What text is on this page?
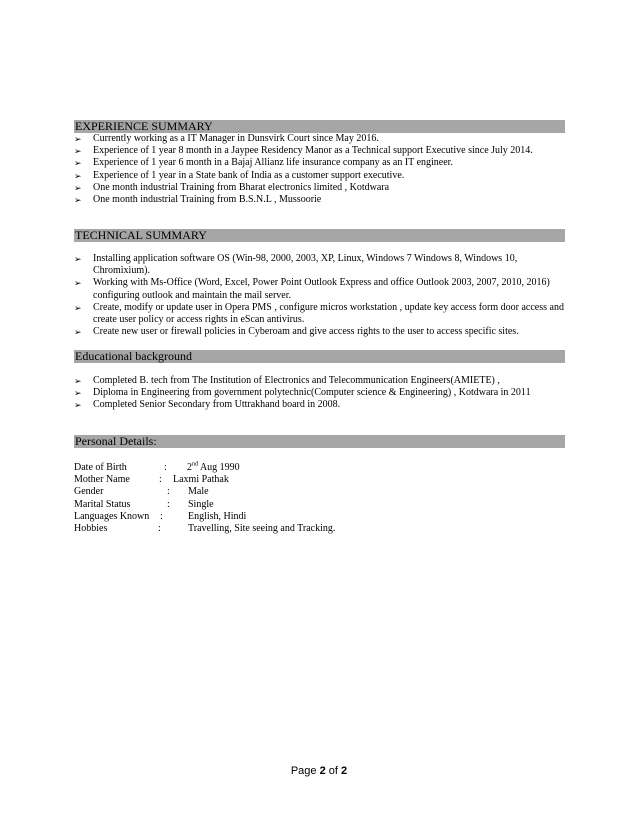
EXPERIENCE SUMMARY
➢ Currently working as a IT Manager in Dunsvirk Court since May 2016.
➢ Experience of 1 year 8 month in a Jaypee Residency Manor as a Technical support Executive since July 2014.
➢ Experience of 1 year 6 month in a Bajaj Allianz life insurance company as an IT engineer.
➢ Experience of 1 year in a State bank of India as a customer support executive.
➢ One month industrial Training from Bharat electronics limited , Kotdwara
➢ One month industrial Training from B.S.N.L , Mussoorie
TECHNICAL SUMMARY
➢ Installing application software OS (Win-98, 2000, 2003, XP, Linux, Windows 7 Windows 8, Windows 10, Chromixium).
➢ Working with Ms-Office (Word, Excel, Power Point Outlook Express and office Outlook 2003, 2007, 2010, 2016) configuring outlook and maintain the mail server.
➢ Create, modify or update user in Opera PMS , configure micros workstation , update key access form door access and create user policy or access rights in eScan antivirus.
➢ Create new user or firewall policies in Cyberoam and give access rights to the user to access specific sites.
Educational background
➢ Completed B. tech from The Institution of Electronics and Telecommunication Engineers(AMIETE) ,
➢ Diploma in Engineering from government polytechnic(Computer science & Engineering) , Kotdwara in 2011
➢ Completed Senior Secondary from Uttrakhand board in 2008.
Personal Details:
Date of Birth	: 2nd Aug 1990
Mother Name	: Laxmi Pathak
Gender	: Male
Marital Status	: Single
Languages Known :	English, Hindi
Hobbies	:	Travelling, Site seeing and Tracking.
Page 2 of 2
